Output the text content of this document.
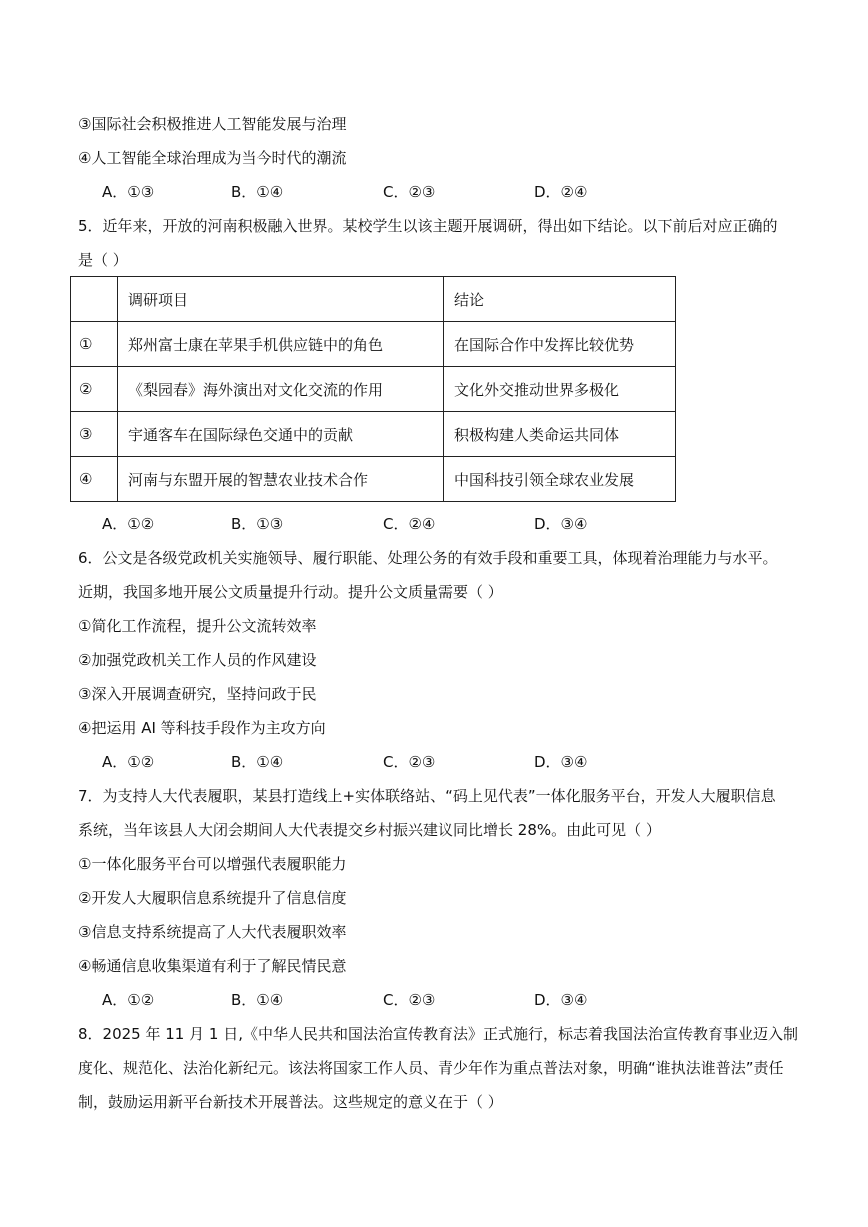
③国际社会积极推进人工智能发展与治理
④人工智能全球治理成为当今时代的潮流
A．①③	B．①④	C．②③	D．②④
5．近年来，开放的河南积极融入世界。某校学生以该主题开展调研，得出如下结论。以下前后对应正确的
是（ ）
	调研项目	结论
①	郑州富士康在苹果手机供应链中的角色	在国际合作中发挥比较优势
②	《梨园春》海外演出对文化交流的作用	文化外交推动世界多极化
③	宇通客车在国际绿色交通中的贡献	积极构建人类命运共同体
④	河南与东盟开展的智慧农业技术合作	中国科技引领全球农业发展
A．①②	B．①③	C．②④	D．③④
6．公文是各级党政机关实施领导、履行职能、处理公务的有效手段和重要工具，体现着治理能力与水平。
近期，我国多地开展公文质量提升行动。提升公文质量需要（ ）
①简化工作流程，提升公文流转效率
②加强党政机关工作人员的作风建设
③深入开展调查研究，坚持问政于民
④把运用 AI 等科技手段作为主攻方向
A．①②	B．①④	C．②③	D．③④
7．为支持人大代表履职，某县打造线上+实体联络站、“码上见代表”一体化服务平台，开发人大履职信息
系统，当年该县人大闭会期间人大代表提交乡村振兴建议同比增长 28%。由此可见（ ）
①一体化服务平台可以增强代表履职能力
②开发人大履职信息系统提升了信息信度
③信息支持系统提高了人大代表履职效率
④畅通信息收集渠道有利于了解民情民意
A．①②	B．①④	C．②③	D．③④
8．2025 年 11 月 1 日,《中华人民共和国法治宣传教育法》正式施行，标志着我国法治宣传教育事业迈入制
度化、规范化、法治化新纪元。该法将国家工作人员、青少年作为重点普法对象，明确“谁执法谁普法”责任
制，鼓励运用新平台新技术开展普法。这些规定的意义在于（ ）
